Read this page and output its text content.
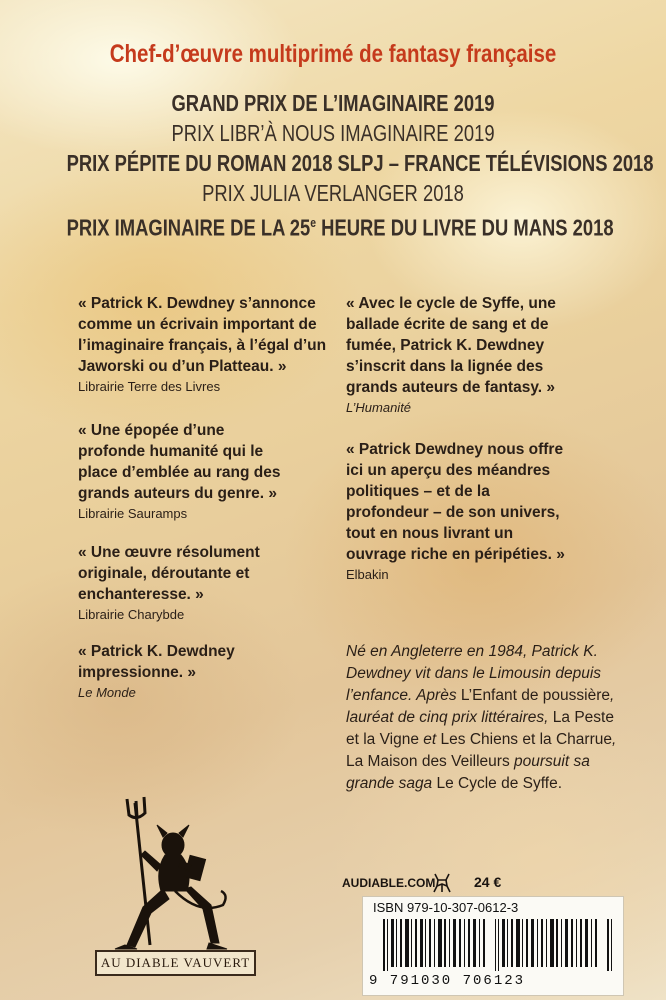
Chef-d’œuvre multiprimé de fantasy française
GRAND PRIX DE L’IMAGINAIRE 2019
PRIX LIBR’À NOUS IMAGINAIRE 2019
PRIX PÉPITE DU ROMAN 2018 SLPJ – FRANCE TÉLÉVISIONS 2018
PRIX JULIA VERLANGER 2018
PRIX IMAGINAIRE DE LA 25e HEURE DU LIVRE DU MANS 2018
« Patrick K. Dewdney s’annonce comme un écrivain important de l’imaginaire français, à l’égal d’un Jaworski ou d’un Platteau. »
Librairie Terre des Livres
« Une épopée d’une profonde humanité qui le place d’emblée au rang des grands auteurs du genre. »
Librairie Sauramps
« Une œuvre résolument originale, déroutante et enchanteresse. »
Librairie Charybde
« Patrick K. Dewdney impressionne. »
Le Monde
« Avec le cycle de Syffe, une ballade écrite de sang et de fumée, Patrick K. Dewdney s’inscrit dans la lignée des grands auteurs de fantasy. »
L’Humanité
« Patrick Dewdney nous offre ici un aperçu des méandres politiques – et de la profondeur – de son univers, tout en nous livrant un ouvrage riche en péripéties. »
Elbakin
Né en Angleterre en 1984, Patrick K. Dewdney vit dans le Limousin depuis l’enfance. Après L’Enfant de poussière, lauréat de cinq prix littéraires, La Peste et la Vigne et Les Chiens et la Charrue, La Maison des Veilleurs poursuit sa grande saga Le Cycle de Syffe.
AU DIABLE VAUVERT
AUDIABLE.COM	24 €
ISBN 979-10-307-0612-3
9 791030 706123
